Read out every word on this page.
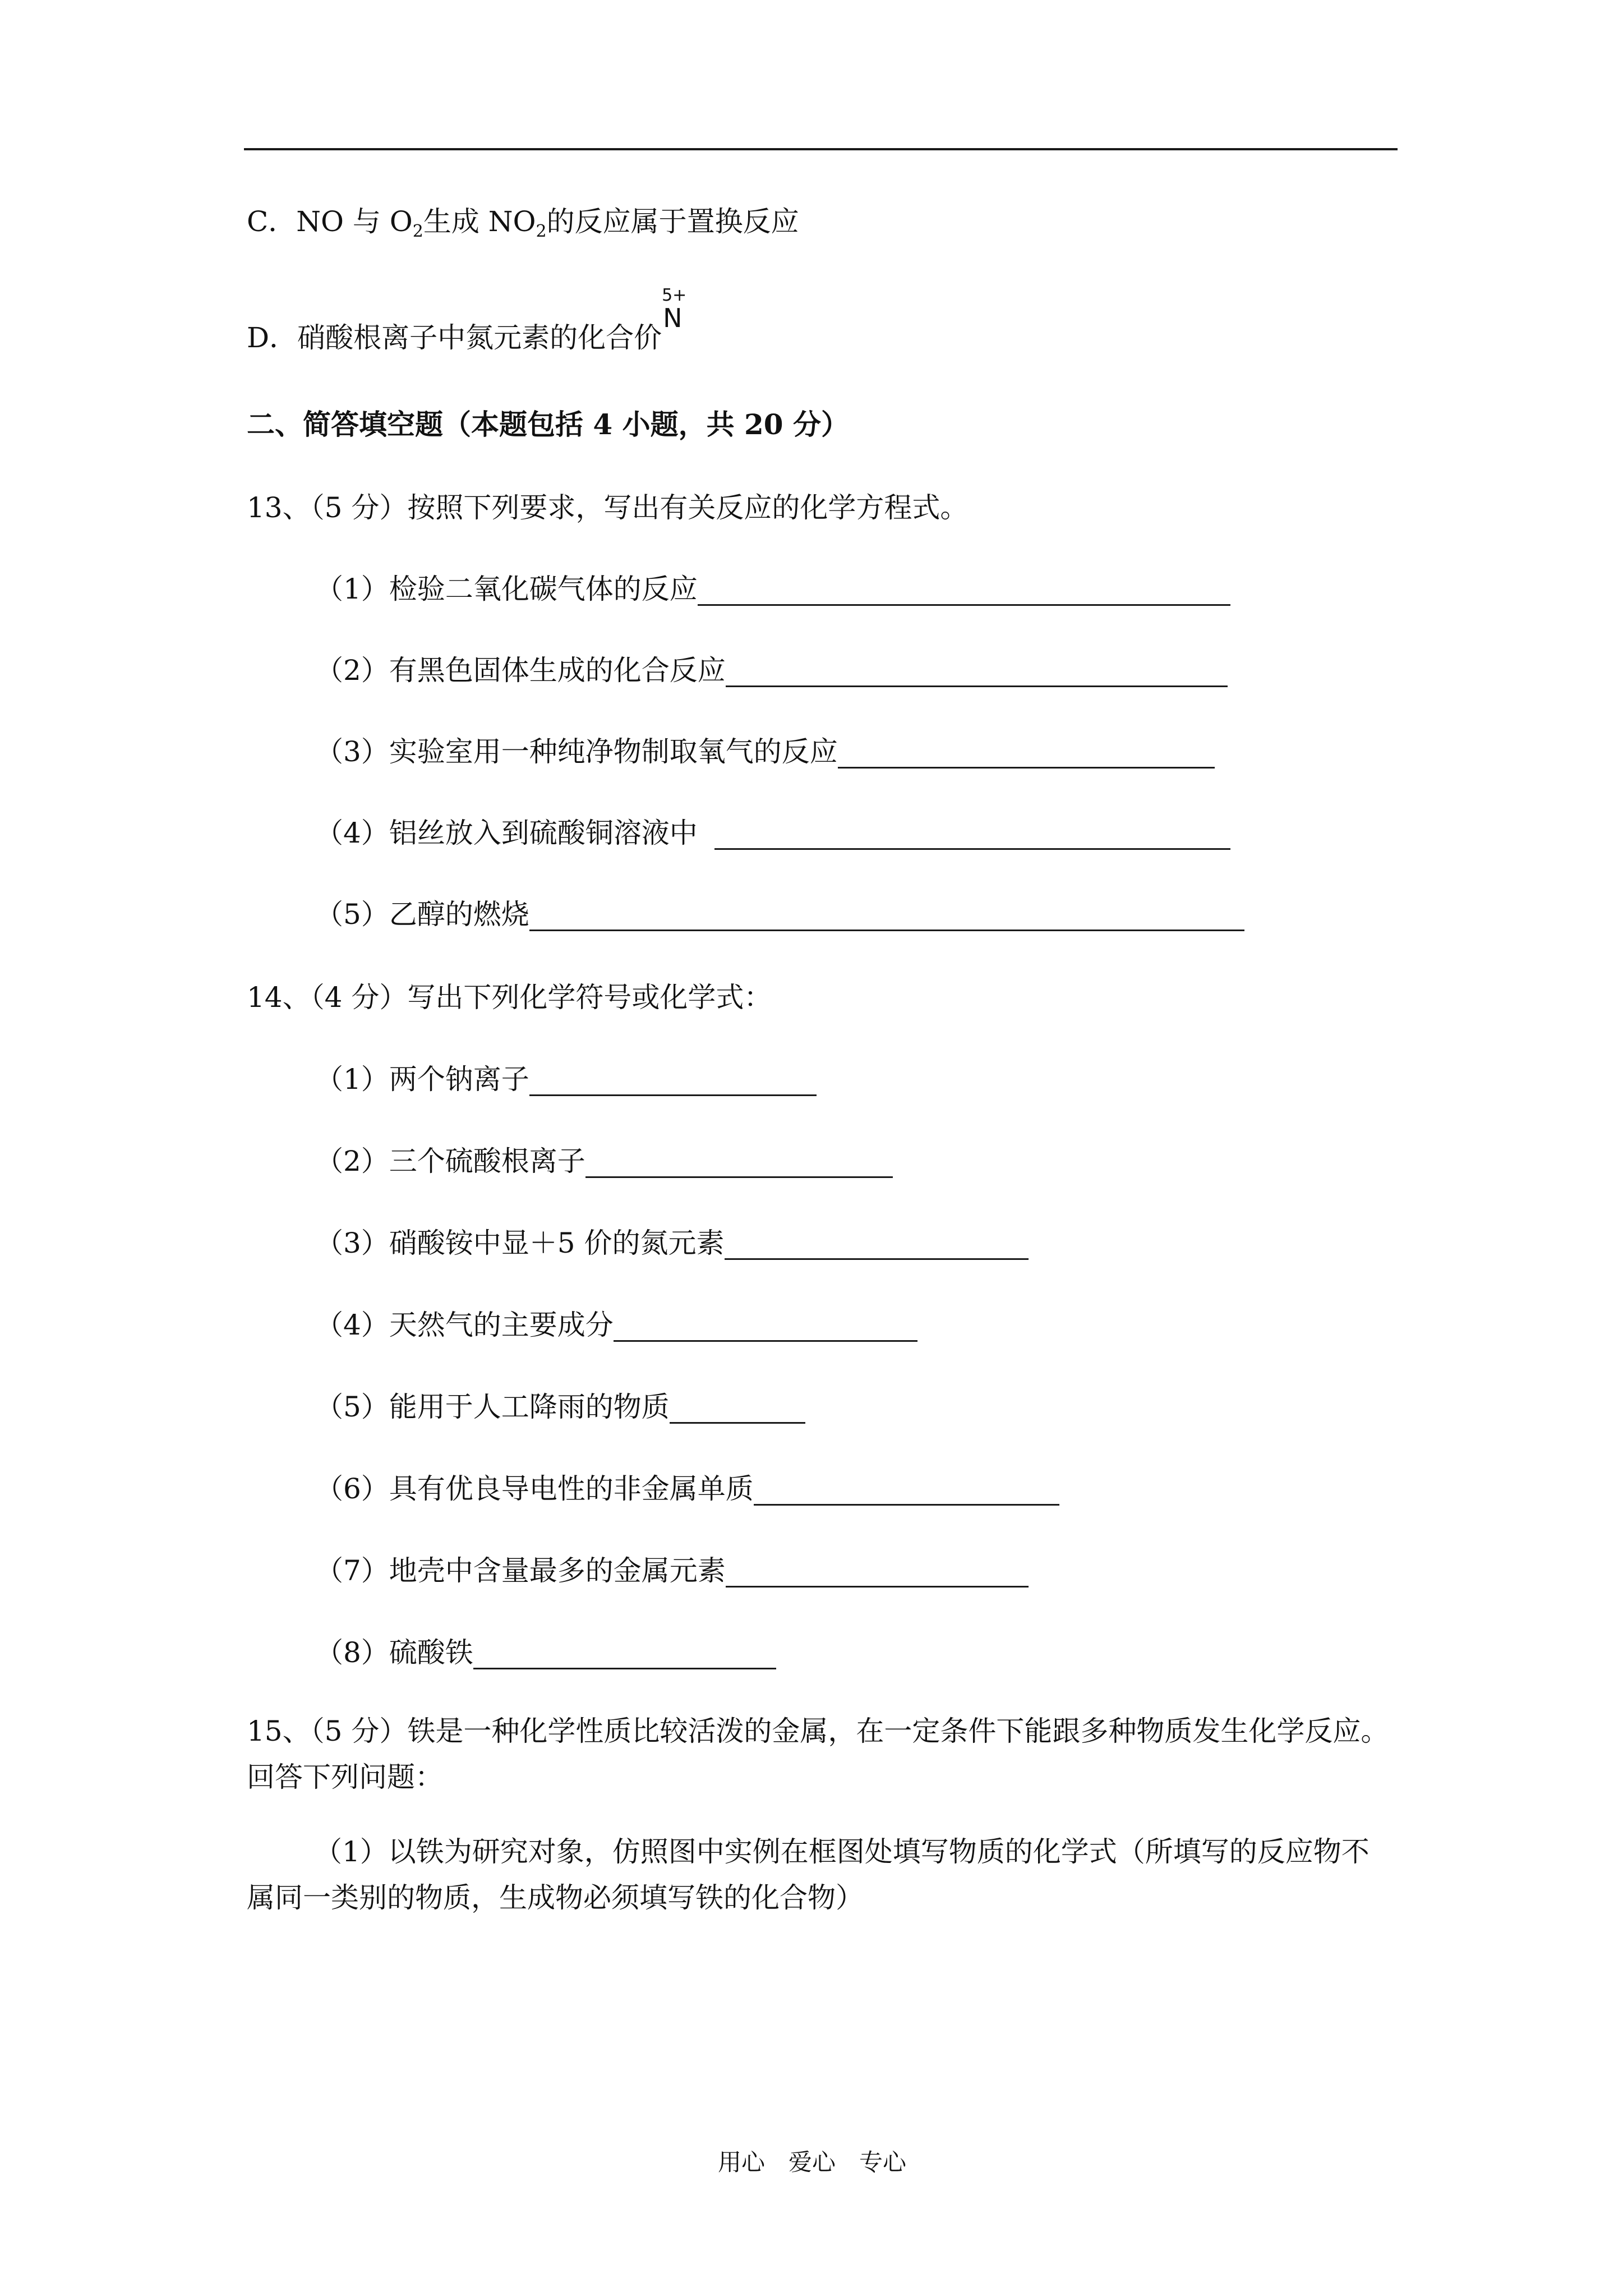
C．NO 与 $O_2$生成 $NO_2$的反应属于置换反应
D．硝酸根离子中氮元素的化合价
5+
N
二、简答填空题（本题包括 4 小题，共 20 分）
13、（5 分）按照下列要求，写出有关反应的化学方程式。
（1）检验二氧化碳气体的反应
（2）有黑色固体生成的化合反应
（3）实验室用一种纯净物制取氧气的反应
（4）铝丝放入到硫酸铜溶液中
（5）乙醇的燃烧
14、（4 分）写出下列化学符号或化学式：
（1）两个钠离子
（2）三个硫酸根离子
（3）硝酸铵中显＋5 价的氮元素
（4）天然气的主要成分
（5）能用于人工降雨的物质
（6）具有优良导电性的非金属单质
（7）地壳中含量最多的金属元素
（8）硫酸铁
15、（5 分）铁是一种化学性质比较活泼的金属，在一定条件下能跟多种物质发生化学反应。回答下列问题：
（1）以铁为研究对象，仿照图中实例在框图处填写物质的化学式（所填写的反应物不属同一类别的物质，生成物必须填写铁的化合物）
用心　爱心　专心
